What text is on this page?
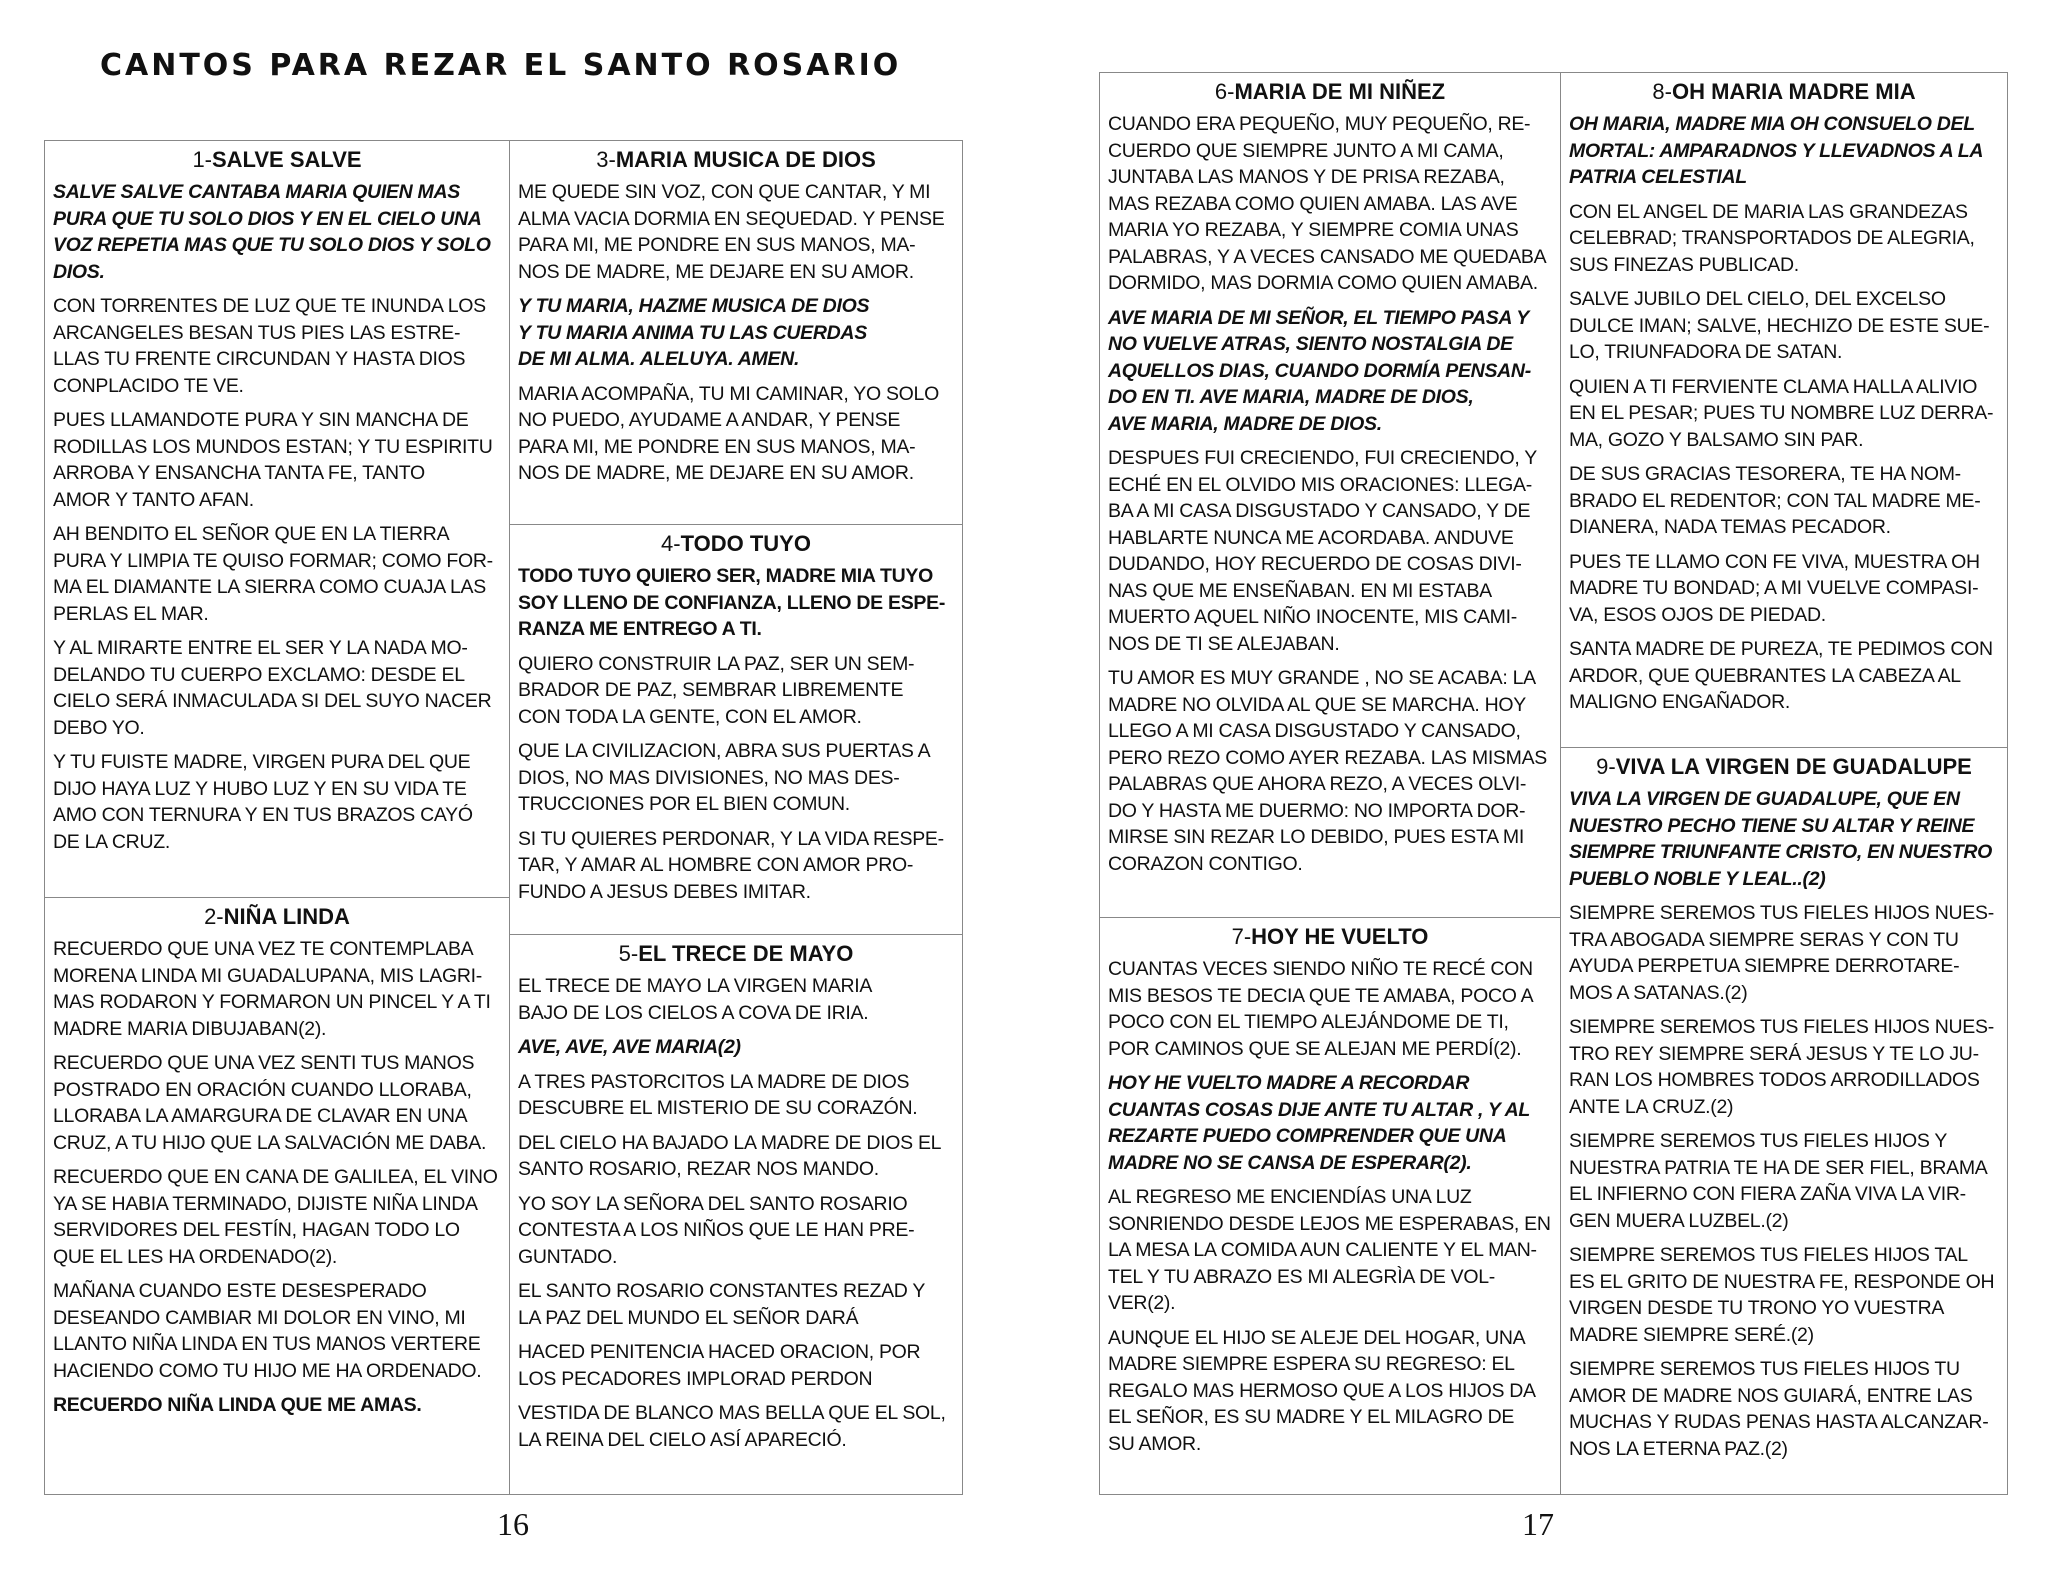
CANTOS PARA REZAR EL SANTO ROSARIO
1-SALVE SALVE

SALVE SALVE CANTABA MARIA QUIEN MAS
PURA QUE TU SOLO DIOS Y EN EL CIELO UNA
VOZ REPETIA MAS QUE TU SOLO DIOS Y SOLO
DIOS.

CON TORRENTES DE LUZ QUE TE INUNDA LOS
ARCANGELES BESAN TUS PIES LAS ESTRE-
LLAS TU FRENTE CIRCUNDAN Y HASTA DIOS
CONPLACIDO TE VE.

PUES LLAMANDOTE PURA Y SIN MANCHA DE
RODILLAS LOS MUNDOS ESTAN; Y TU ESPIRITU
ARROBA Y ENSANCHA TANTA FE, TANTO
AMOR Y TANTO AFAN.

AH BENDITO EL SEÑOR QUE EN LA TIERRA
PURA Y LIMPIA TE QUISO FORMAR; COMO FOR-
MA EL DIAMANTE LA SIERRA COMO CUAJA LAS
PERLAS EL MAR.

Y AL MIRARTE ENTRE EL SER Y LA NADA MO-
DELANDO TU CUERPO EXCLAMO: DESDE EL
CIELO SERÁ INMACULADA SI DEL SUYO NACER
DEBO YO.

Y TU FUISTE MADRE, VIRGEN PURA DEL QUE
DIJO HAYA LUZ Y HUBO LUZ Y EN SU VIDA TE
AMO CON TERNURA Y EN TUS BRAZOS CAYÓ
DE LA CRUZ.

2-NIÑA LINDA

RECUERDO QUE UNA VEZ TE CONTEMPLABA
MORENA LINDA MI GUADALUPANA, MIS LAGRI-
MAS RODARON Y FORMARON UN PINCEL Y A TI
MADRE MARIA DIBUJABAN(2).

RECUERDO QUE UNA VEZ SENTI TUS MANOS
POSTRADO EN ORACIÓN CUANDO LLORABA,
LLORABA LA AMARGURA DE CLAVAR EN UNA
CRUZ, A TU HIJO QUE LA SALVACIÓN ME DABA.

RECUERDO QUE EN CANA DE GALILEA, EL VINO
YA SE HABIA TERMINADO, DIJISTE NIÑA LINDA
SERVIDORES DEL FESTÍN, HAGAN TODO LO
QUE EL LES HA ORDENADO(2).

MAÑANA CUANDO ESTE DESESPERADO
DESEANDO CAMBIAR MI DOLOR EN VINO, MI
LLANTO NIÑA LINDA EN TUS MANOS VERTERE
HACIENDO COMO TU HIJO ME HA ORDENADO.

RECUERDO NIÑA LINDA QUE ME AMAS.

3-MARIA MUSICA DE DIOS

ME QUEDE SIN VOZ, CON QUE CANTAR, Y MI
ALMA VACIA DORMIA EN SEQUEDAD. Y PENSE
PARA MI, ME PONDRE EN SUS MANOS, MA-
NOS DE MADRE, ME DEJARE EN SU AMOR.

Y TU MARIA, HAZME MUSICA DE DIOS
Y TU MARIA ANIMA TU LAS CUERDAS
DE MI ALMA. ALELUYA. AMEN.

MARIA ACOMPAÑA, TU MI CAMINAR, YO SOLO
NO PUEDO, AYUDAME A ANDAR, Y PENSE
PARA MI, ME PONDRE EN SUS MANOS, MA-
NOS DE MADRE, ME DEJARE EN SU AMOR.

4-TODO TUYO

TODO TUYO QUIERO SER, MADRE MIA TUYO
SOY LLENO DE CONFIANZA, LLENO DE ESPE-
RANZA ME ENTREGO A TI.

QUIERO CONSTRUIR LA PAZ, SER UN SEM-
BRADOR DE PAZ, SEMBRAR LIBREMENTE
CON TODA LA GENTE, CON EL AMOR.

QUE LA CIVILIZACION, ABRA SUS PUERTAS A
DIOS, NO MAS DIVISIONES, NO MAS DES-
TRUCCIONES POR EL BIEN COMUN.

SI TU QUIERES PERDONAR, Y LA VIDA RESPE-
TAR, Y AMAR AL HOMBRE CON AMOR PRO-
FUNDO A JESUS DEBES IMITAR.

5-EL TRECE DE MAYO

EL TRECE DE MAYO LA VIRGEN MARIA
BAJO DE LOS CIELOS A COVA DE IRIA.

AVE, AVE, AVE MARIA(2)

A TRES PASTORCITOS LA MADRE DE DIOS
DESCUBRE EL MISTERIO DE SU CORAZÓN.

DEL CIELO HA BAJADO LA MADRE DE DIOS EL
SANTO ROSARIO, REZAR NOS MANDO.

YO SOY LA SEÑORA DEL SANTO ROSARIO
CONTESTA A LOS NIÑOS QUE LE HAN PRE-
GUNTADO.

EL SANTO ROSARIO CONSTANTES REZAD Y
LA PAZ DEL MUNDO EL SEÑOR DARÁ

HACED PENITENCIA HACED ORACION, POR
LOS PECADORES IMPLORAD PERDON

VESTIDA DE BLANCO MAS BELLA QUE EL SOL,
LA REINA DEL CIELO ASÍ APARECIÓ.

16
6-MARIA DE MI NIÑEZ

CUANDO ERA PEQUEÑO, MUY PEQUEÑO, RE-
CUERDO QUE SIEMPRE JUNTO A MI CAMA,
JUNTABA LAS MANOS Y DE PRISA REZABA,
MAS REZABA COMO QUIEN AMABA. LAS AVE
MARIA YO REZABA, Y SIEMPRE COMIA UNAS
PALABRAS, Y A VECES CANSADO ME QUEDABA
DORMIDO, MAS DORMIA COMO QUIEN AMABA.

AVE MARIA DE MI SEÑOR, EL TIEMPO PASA Y
NO VUELVE ATRAS, SIENTO NOSTALGIA DE
AQUELLOS DIAS, CUANDO DORMÍA PENSAN-
DO EN TI. AVE MARIA, MADRE DE DIOS,
AVE MARIA, MADRE DE DIOS.

DESPUES FUI CRECIENDO, FUI CRECIENDO, Y
ECHÉ EN EL OLVIDO MIS ORACIONES: LLEGA-
BA A MI CASA DISGUSTADO Y CANSADO, Y DE
HABLARTE NUNCA ME ACORDABA. ANDUVE
DUDANDO, HOY RECUERDO DE COSAS DIVI-
NAS QUE ME ENSEÑABAN. EN MI ESTABA
MUERTO AQUEL NIÑO INOCENTE, MIS CAMI-
NOS DE TI SE ALEJABAN.

TU AMOR ES MUY GRANDE , NO SE ACABA: LA
MADRE NO OLVIDA AL QUE SE MARCHA. HOY
LLEGO A MI CASA DISGUSTADO Y CANSADO,
PERO REZO COMO AYER REZABA. LAS MISMAS
PALABRAS QUE AHORA REZO, A VECES OLVI-
DO Y HASTA ME DUERMO: NO IMPORTA DOR-
MIRSE SIN REZAR LO DEBIDO, PUES ESTA MI
CORAZON CONTIGO.

7-HOY HE VUELTO

CUANTAS VECES SIENDO NIÑO TE RECÉ CON
MIS BESOS TE DECIA QUE TE AMABA, POCO A
POCO CON EL TIEMPO ALEJÁNDOME DE TI,
POR CAMINOS QUE SE ALEJAN ME PERDÍ(2).

HOY HE VUELTO MADRE A RECORDAR
CUANTAS COSAS DIJE ANTE TU ALTAR , Y AL
REZARTE PUEDO COMPRENDER QUE UNA
MADRE NO SE CANSA DE ESPERAR(2).

AL REGRESO ME ENCIENDÍAS UNA LUZ
SONRIENDO DESDE LEJOS ME ESPERABAS, EN
LA MESA LA COMIDA AUN CALIENTE Y EL MAN-
TEL Y TU ABRAZO ES MI ALEGRÌA DE VOL-
VER(2).

AUNQUE EL HIJO SE ALEJE DEL HOGAR, UNA
MADRE SIEMPRE ESPERA SU REGRESO: EL
REGALO MAS HERMOSO QUE A LOS HIJOS DA
EL SEÑOR, ES SU MADRE Y EL MILAGRO DE
SU AMOR.

8-OH MARIA MADRE MIA

OH MARIA, MADRE MIA OH CONSUELO DEL
MORTAL: AMPARADNOS Y LLEVADNOS A LA
PATRIA CELESTIAL

CON EL ANGEL DE MARIA LAS GRANDEZAS
CELEBRAD; TRANSPORTADOS DE ALEGRIA,
SUS FINEZAS PUBLICAD.

SALVE JUBILO DEL CIELO, DEL EXCELSO
DULCE IMAN; SALVE, HECHIZO DE ESTE SUE-
LO, TRIUNFADORA DE SATAN.

QUIEN A TI FERVIENTE CLAMA HALLA ALIVIO
EN EL PESAR; PUES TU NOMBRE LUZ DERRA-
MA, GOZO Y BALSAMO SIN PAR.

DE SUS GRACIAS TESORERA, TE HA NOM-
BRADO EL REDENTOR; CON TAL MADRE ME-
DIANERA, NADA TEMAS PECADOR.

PUES TE LLAMO CON FE VIVA, MUESTRA OH
MADRE TU BONDAD; A MI VUELVE COMPASI-
VA, ESOS OJOS DE PIEDAD.

SANTA MADRE DE PUREZA, TE PEDIMOS CON
ARDOR, QUE QUEBRANTES LA CABEZA AL
MALIGNO ENGAÑADOR.

9-VIVA LA VIRGEN DE GUADALUPE

VIVA LA VIRGEN DE GUADALUPE, QUE EN
NUESTRO PECHO TIENE SU ALTAR Y REINE
SIEMPRE TRIUNFANTE CRISTO, EN NUESTRO
PUEBLO NOBLE Y LEAL..(2)

SIEMPRE SEREMOS TUS FIELES HIJOS NUES-
TRA ABOGADA SIEMPRE SERAS Y CON TU
AYUDA PERPETUA SIEMPRE DERROTARE-
MOS A SATANAS.(2)

SIEMPRE SEREMOS TUS FIELES HIJOS NUES-
TRO REY SIEMPRE SERÁ JESUS Y TE LO JU-
RAN LOS HOMBRES TODOS ARRODILLADOS
ANTE LA CRUZ.(2)

SIEMPRE SEREMOS TUS FIELES HIJOS Y
NUESTRA PATRIA TE HA DE SER FIEL, BRAMA
EL INFIERNO CON FIERA ZAÑA VIVA LA VIR-
GEN MUERA LUZBEL.(2)

SIEMPRE SEREMOS TUS FIELES HIJOS TAL
ES EL GRITO DE NUESTRA FE, RESPONDE OH
VIRGEN DESDE TU TRONO YO VUESTRA
MADRE SIEMPRE SERÉ.(2)

SIEMPRE SEREMOS TUS FIELES HIJOS TU
AMOR DE MADRE NOS GUIARÁ, ENTRE LAS
MUCHAS Y RUDAS PENAS HASTA ALCANZAR-
NOS LA ETERNA PAZ.(2)

17
